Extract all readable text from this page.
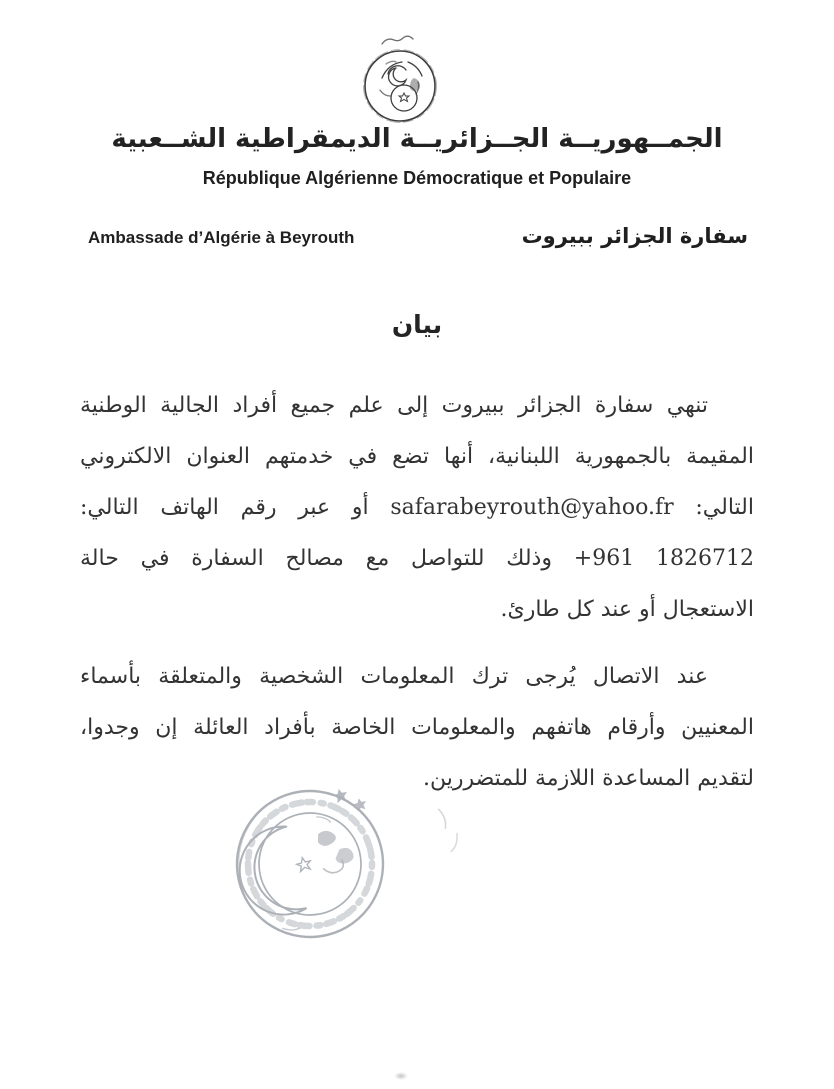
الجمــهوريــة الجــزائريــة الديمقراطية الشــعبية
République Algérienne Démocratique et Populaire
Ambassade d’Algérie à Beyrouth	سفارة الجزائر ببيروت
بيان
تنهي سفارة الجزائر ببيروت إلى علم جميع أفراد الجالية الوطنية
المقيمة بالجمهورية اللبنانية، أنها تضع في خدمتهم العنوان الالكتروني
التالي: safarabeyrouth@yahoo.fr أو عبر رقم الهاتف التالي:
‪+961 1826712‬ وذلك للتواصل مع مصالح السفارة في حالة
الاستعجال أو عند كل طارئ.
عند الاتصال يُرجى ترك المعلومات الشخصية والمتعلقة بأسماء
المعنيين وأرقام هاتفهم والمعلومات الخاصة بأفراد العائلة إن وجدوا،
لتقديم المساعدة اللازمة للمتضررين.
